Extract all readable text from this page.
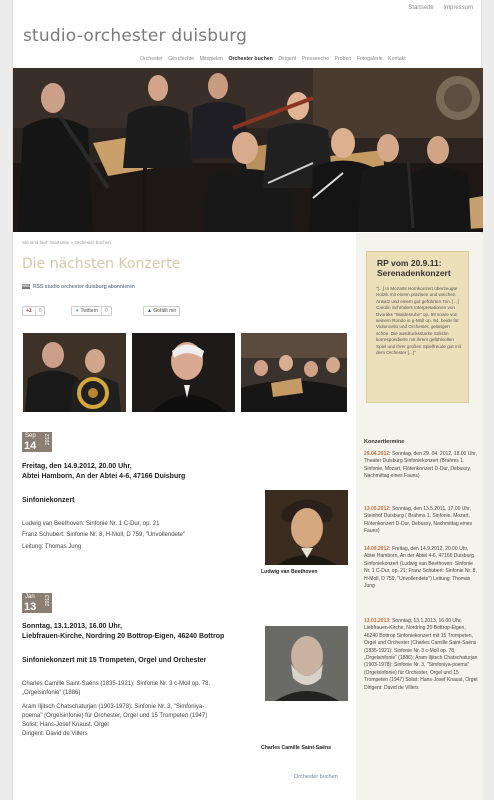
Startseite Impressum
studio-orchester duisburg
Orchester Geschichte Mitspielen Orchester buchen Dirigent Presseecho Proben Fotogalerie Kontakt
Sie sind hier: Startseite » Orchester buchen
Die nächsten Konzerte
RSS RSS studio orchester duisburg abonnieren
+1 0	✦ Twittern 0	▲ Gefällt mir
Sep
14
2012
Freitag, den 14.9.2012, 20.00 Uhr,
Abtei Hamborn, An der Abtei 4-6, 47166 Duisburg
Sinfoniekonzert
Ludwig van Beethoven: Sinfonie Nr. 1 C-Dur, op. 21
Franz Schubert: Sinfonie Nr. 8, H-Moll, D 759, "Unvollendete"
Leitung: Thomas Jung
Ludwig van Beethoven
Jan
13
2013
Sonntag, 13.1.2013, 16.00 Uhr,
Liebfrauen-Kirche, Nordring 20 Bottrop-Eigen, 46240 Bottrop
Sinfoniekonzert mit 15 Trompeten, Orgel und Orchester
Charles Camille Saint-Saëns (1835-1921): Sinfonie Nr. 3 c-Moll op. 78,
„Orgelsinfonie“ (1886)
Aram Iljitsch Chatschaturjan (1903-1978): Sinfonie Nr. 3, "Simfoniya-
poema" (Orgelsinfonie) für Orchester, Orgel und 15 Trompeten (1947)
Solist: Hans-Josef Knaust, Orgel
Dirigent: David de Villers
Charles Camille Saint-Saëns
Orchester buchen
RP vom 20.9.11:
Serenadenkonzert
"[...] In Mozarts Hornkonzert überzeugte Holzik mit einem präzisen und weichen Ansatz und einem gut geführten Ton. [...] Carolin Schröders Interpretationen von Dvoráks "Waldesruhe" op. 68 sowie von seinem Rondo in g-Moll op. 94, beide für Violoncello und Orchester, gelangen schön. Die ausdrucksstarke Solistin korrespondierte mit ihrem gefühlvollen Spiel und ihrer großen Spielfreude gut mit dem Orchester [...]"
Konzerttermine
29.04.2012: Sonntag, den 29. 04. 2012, 18.00 Uhr, Theater Duisburg Sinfoniekonzert (Brahms 1. Sinfonie, Mozart, Flötenkonzert D-Dur, Debussy, Nachmittag eines Fauns)
13.05.2012: Sonntag, den 13.5.2011, 17.00 Uhr, Steinhof Duisburg ( Brahms 1. Sinfonie, Mozart, Flötenkonzert D-Dur, Debussy, Nachmittag eines Fauns)
14.09.2012: Freitag, den 14.9.2012, 20.00 Uhr, Abtei Hamborn, An der Abtei 4-6, 47166 Duisburg Sinfoniekonzert (Ludwig van Beethoven: Sinfonie Nr. 1 C-Dur, op. 21; Franz Schubert: Sinfonie Nr. 8, H-Moll, D 759, "Unvollendete") Leitung: Thomas Jung
13.01.2013: Sonntag, 13.1.2013, 16.00 Uhr, Liebfrauen-Kirche, Nordring 20 Bottrop-Eigen, 46240 Bottrop Sinfoniekonzert mit 15 Trompeten, Orgel und Orchester (Charles Camille Saint-Saëns (1835-1921): Sinfonie Nr. 3 c-Moll op. 78, „Orgelsinfonie“ (1886); Aram Iljitsch Chatschaturjan (1903-1978): Sinfonie Nr. 3, "Simfoniya-poema" (Orgelsinfonie) für Orchester, Orgel und 15 Trompeten (1947) Solist: Hans-Josef Knaust, Orgel Dirigent: David de Villers
